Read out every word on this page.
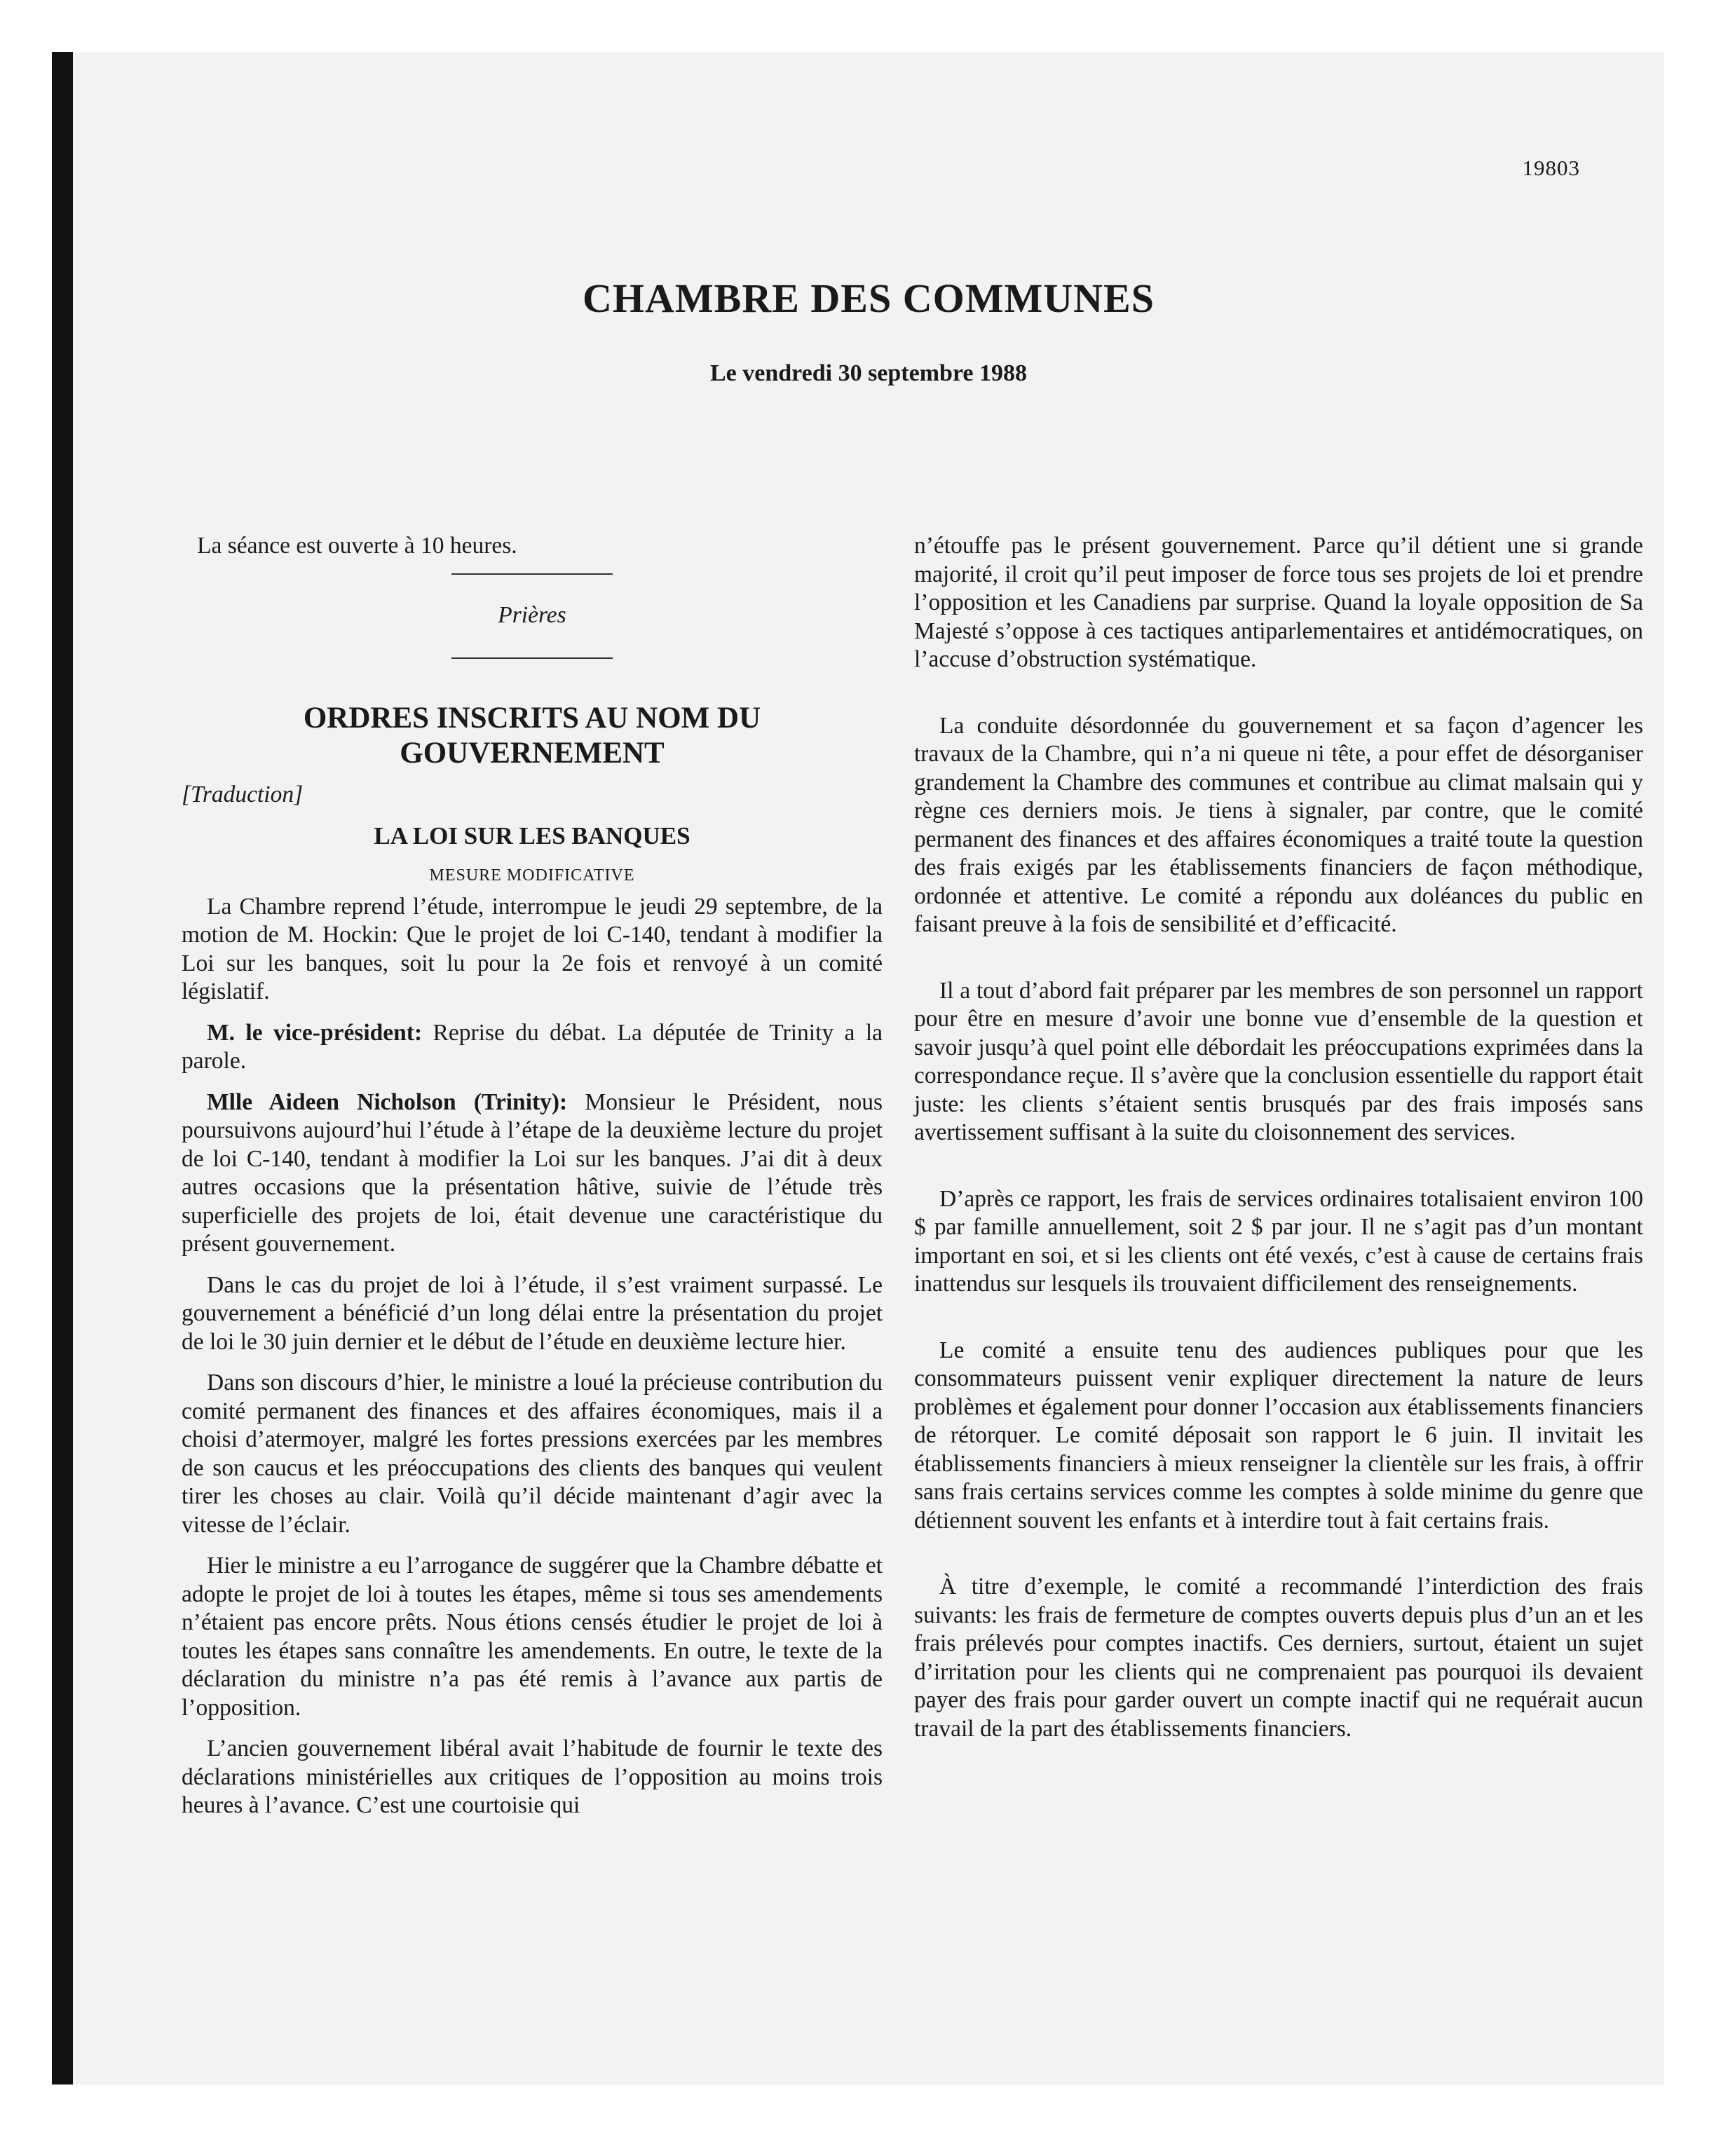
19803
CHAMBRE DES COMMUNES
Le vendredi 30 septembre 1988

La séance est ouverte à 10 heures.

Prières
ORDRES INSCRITS AU NOM DU GOUVERNEMENT
[Traduction]
LA LOI SUR LES BANQUES
MESURE MODIFICATIVE

La Chambre reprend l’étude, interrompue le jeudi 29 septembre, de la motion de M. Hockin: Que le projet de loi C-140, tendant à modifier la Loi sur les banques, soit lu pour la 2e fois et renvoyé à un comité législatif.

M. le vice-président: Reprise du débat. La députée de Trinity a la parole.

Mlle Aideen Nicholson (Trinity): Monsieur le Président, nous poursuivons aujourd’hui l’étude à l’étape de la deuxième lecture du projet de loi C-140, tendant à modifier la Loi sur les banques. J’ai dit à deux autres occasions que la présentation hâtive, suivie de l’étude très superficielle des projets de loi, était devenue une caractéristique du présent gouvernement.

Dans le cas du projet de loi à l’étude, il s’est vraiment surpassé. Le gouvernement a bénéficié d’un long délai entre la présentation du projet de loi le 30 juin dernier et le début de l’étude en deuxième lecture hier.

Dans son discours d’hier, le ministre a loué la précieuse contribution du comité permanent des finances et des affaires économiques, mais il a choisi d’atermoyer, malgré les fortes pressions exercées par les membres de son caucus et les préoccupations des clients des banques qui veulent tirer les choses au clair. Voilà qu’il décide maintenant d’agir avec la vitesse de l’éclair.

Hier le ministre a eu l’arrogance de suggérer que la Chambre débatte et adopte le projet de loi à toutes les étapes, même si tous ses amendements n’étaient pas encore prêts. Nous étions censés étudier le projet de loi à toutes les étapes sans connaître les amendements. En outre, le texte de la déclaration du ministre n’a pas été remis à l’avance aux partis de l’opposition.

L’ancien gouvernement libéral avait l’habitude de fournir le texte des déclarations ministérielles aux critiques de l’opposition au moins trois heures à l’avance. C’est une courtoisie qui

n’étouffe pas le présent gouvernement. Parce qu’il détient une si grande majorité, il croit qu’il peut imposer de force tous ses projets de loi et prendre l’opposition et les Canadiens par surprise. Quand la loyale opposition de Sa Majesté s’oppose à ces tactiques antiparlementaires et antidémocratiques, on l’accuse d’obstruction systématique.

La conduite désordonnée du gouvernement et sa façon d’agencer les travaux de la Chambre, qui n’a ni queue ni tête, a pour effet de désorganiser grandement la Chambre des communes et contribue au climat malsain qui y règne ces derniers mois. Je tiens à signaler, par contre, que le comité permanent des finances et des affaires économiques a traité toute la question des frais exigés par les établissements financiers de façon méthodique, ordonnée et attentive. Le comité a répondu aux doléances du public en faisant preuve à la fois de sensibilité et d’efficacité.

Il a tout d’abord fait préparer par les membres de son personnel un rapport pour être en mesure d’avoir une bonne vue d’ensemble de la question et savoir jusqu’à quel point elle débordait les préoccupations exprimées dans la correspondance reçue. Il s’avère que la conclusion essentielle du rapport était juste: les clients s’étaient sentis brusqués par des frais imposés sans avertissement suffisant à la suite du cloisonnement des services.

D’après ce rapport, les frais de services ordinaires totalisaient environ 100 $ par famille annuellement, soit 2 $ par jour. Il ne s’agit pas d’un montant important en soi, et si les clients ont été vexés, c’est à cause de certains frais inattendus sur lesquels ils trouvaient difficilement des renseignements.

Le comité a ensuite tenu des audiences publiques pour que les consommateurs puissent venir expliquer directement la nature de leurs problèmes et également pour donner l’occasion aux établissements financiers de rétorquer. Le comité déposait son rapport le 6 juin. Il invitait les établissements financiers à mieux renseigner la clientèle sur les frais, à offrir sans frais certains services comme les comptes à solde minime du genre que détiennent souvent les enfants et à interdire tout à fait certains frais.

À titre d’exemple, le comité a recommandé l’interdiction des frais suivants: les frais de fermeture de comptes ouverts depuis plus d’un an et les frais prélevés pour comptes inactifs. Ces derniers, surtout, étaient un sujet d’irritation pour les clients qui ne comprenaient pas pourquoi ils devaient payer des frais pour garder ouvert un compte inactif qui ne requérait aucun travail de la part des établissements financiers.
